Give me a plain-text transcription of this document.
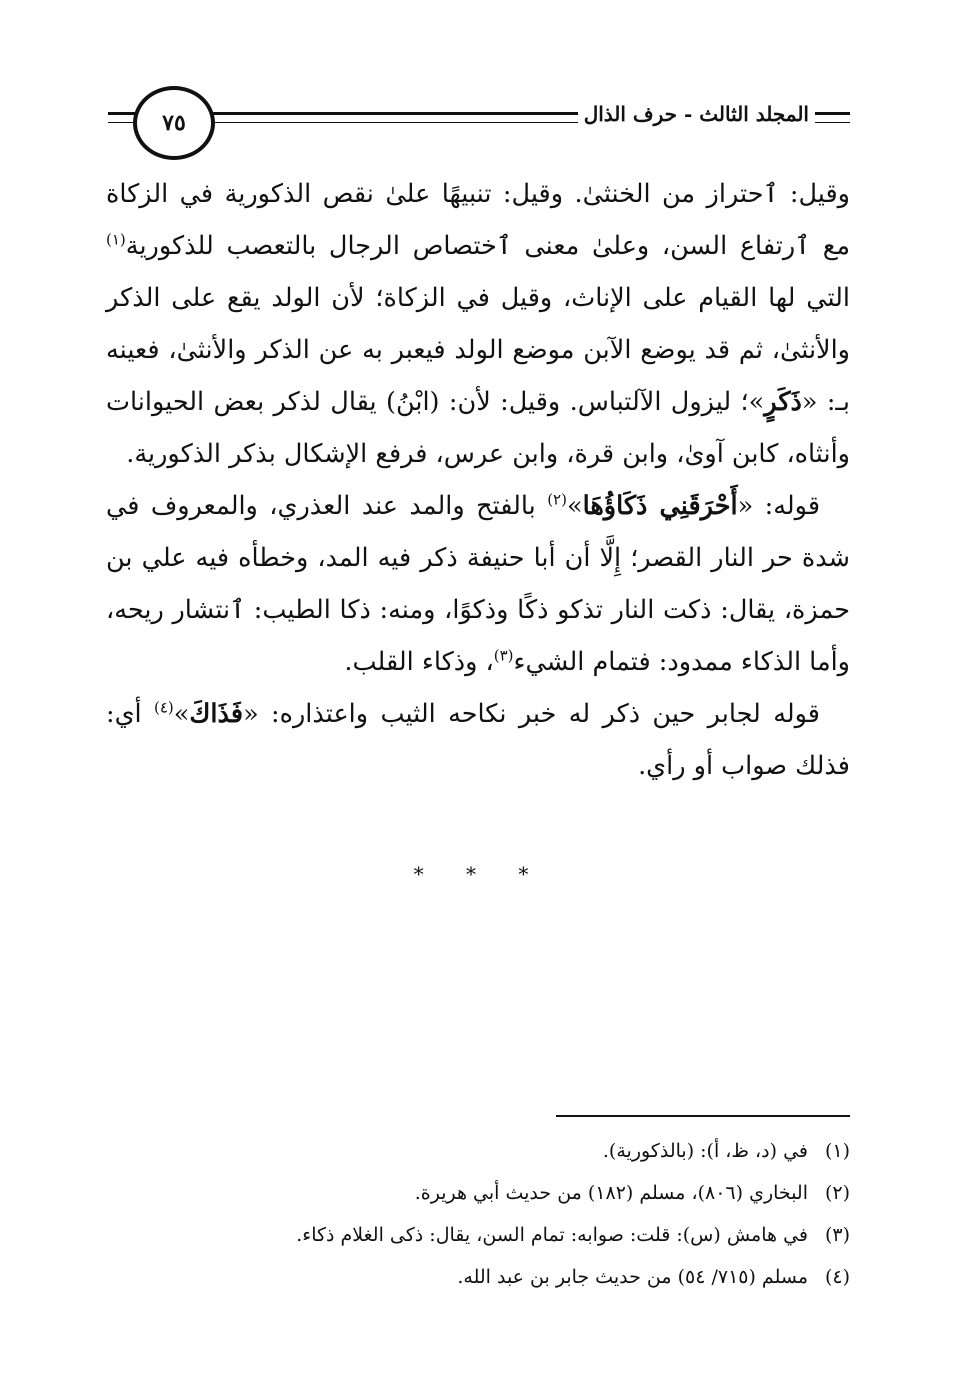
٧٥	المجلد الثالث - حرف الذال

وقيل: ٱحتراز من الخنثىٰ. وقيل: تنبيهًا علىٰ نقص الذكورية في الزكاة مع ٱرتفاع السن، وعلىٰ معنى ٱختصاص الرجال بالتعصب للذكورية$^{(١)}$ التي لها القيام على الإناث، وقيل في الزكاة؛ لأن الولد يقع على الذكر والأنثىٰ، ثم قد يوضع الآبن موضع الولد فيعبر به عن الذكر والأنثىٰ، فعينه بـ: «ذَكَرٍ»؛ ليزول الآلتباس. وقيل: لأن: (ابْنُ) يقال لذكر بعض الحيوانات وأنثاه، كابن آوىٰ، وابن قرة، وابن عرس، فرفع الإشكال بذكر الذكورية.

قوله: «أَحْرَقَنِي ذَكَاؤُهَا»$^{(٢)}$ بالفتح والمد عند العذري، والمعروف في شدة حر النار القصر؛ إِلَّا أن أبا حنيفة ذكر فيه المد، وخطأه فيه علي بن حمزة، يقال: ذكت النار تذكو ذكًا وذكوًا، ومنه: ذكا الطيب: ٱنتشار ريحه، وأما الذكاء ممدود: فتمام الشيء$^{(٣)}$، وذكاء القلب.

قوله لجابر حين ذكر له خبر نكاحه الثيب واعتذاره: «فَذَاكَ»$^{(٤)}$ أي: فذلك صواب أو رأي.

* * *
(١)في (د، ظ، أ): (بالذكورية).
(٢)البخاري (٨٠٦)، مسلم (١٨٢) من حديث أبي هريرة.
(٣)في هامش (س): قلت: صوابه: تمام السن، يقال: ذكى الغلام ذكاء.
(٤)مسلم (٧١٥/ ٥٤) من حديث جابر بن عبد الله.
